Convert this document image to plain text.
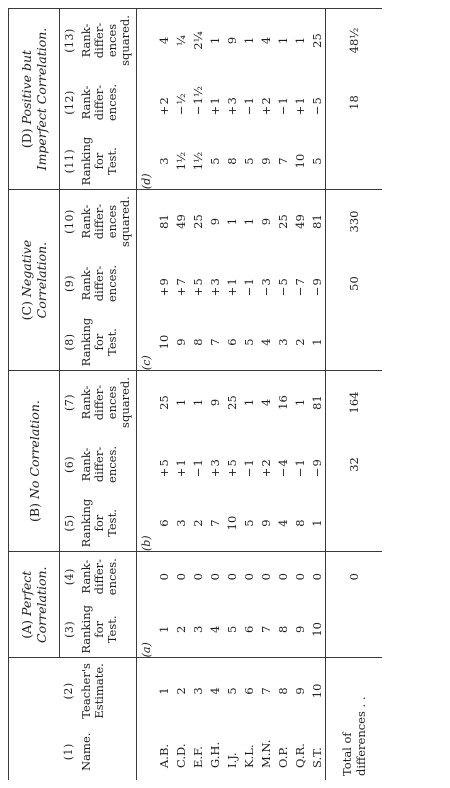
		(A) Perfect
Correlation.		(B) No Correlation.			(C) Negative
Correlation.			(D) Positive but
Imperfect Correlation.		
(1)	(2)	(3)	(4)	(5)	(6)	(7)	(8)	(9)	(10)	(11)	(12)	(13)

Name.	Teacher's Estimate.	Ranking for Test.	Rank- differ- ences.	Ranking for Test.	Rank- differ- ences.	Rank- differ- ences squared.	Ranking for Test.	Rank- differ- ences.	Rank- differ- ences squared.	Ranking for Test.	Rank- differ- ences.	Rank- differ- ences squared.

		(a)		(b)			(c)			(d)		
A.B.	1	1	0	6	+5	25	10	+9	81	3	+2	4
C.D.	2	2	0	3	+1	1	9	+7	49	1½	−½	¼
E.F.	3	3	0	2	−1	1	8	+5	25	1½	−1½	2¼
G.H.	4	4	0	7	+3	9	7	+3	9	5	+1	1
I.J.	5	5	0	10	+5	25	6	+1	1	8	+3	9
K.L.	6	6	0	5	−1	1	5	−1	1	5	−1	1
M.N.	7	7	0	9	+2	4	4	−3	9	9	+2	4
O.P.	8	8	0	4	−4	16	3	−5	25	7	−1	1
Q.R.	9	9	0	8	−1	1	2	−7	49	10	+1	1
S.T.	10	10	0	1	−9	81	1	−9	81	5	−5	25
Total of
differences . .			0		32	164		50	330		18	48½
